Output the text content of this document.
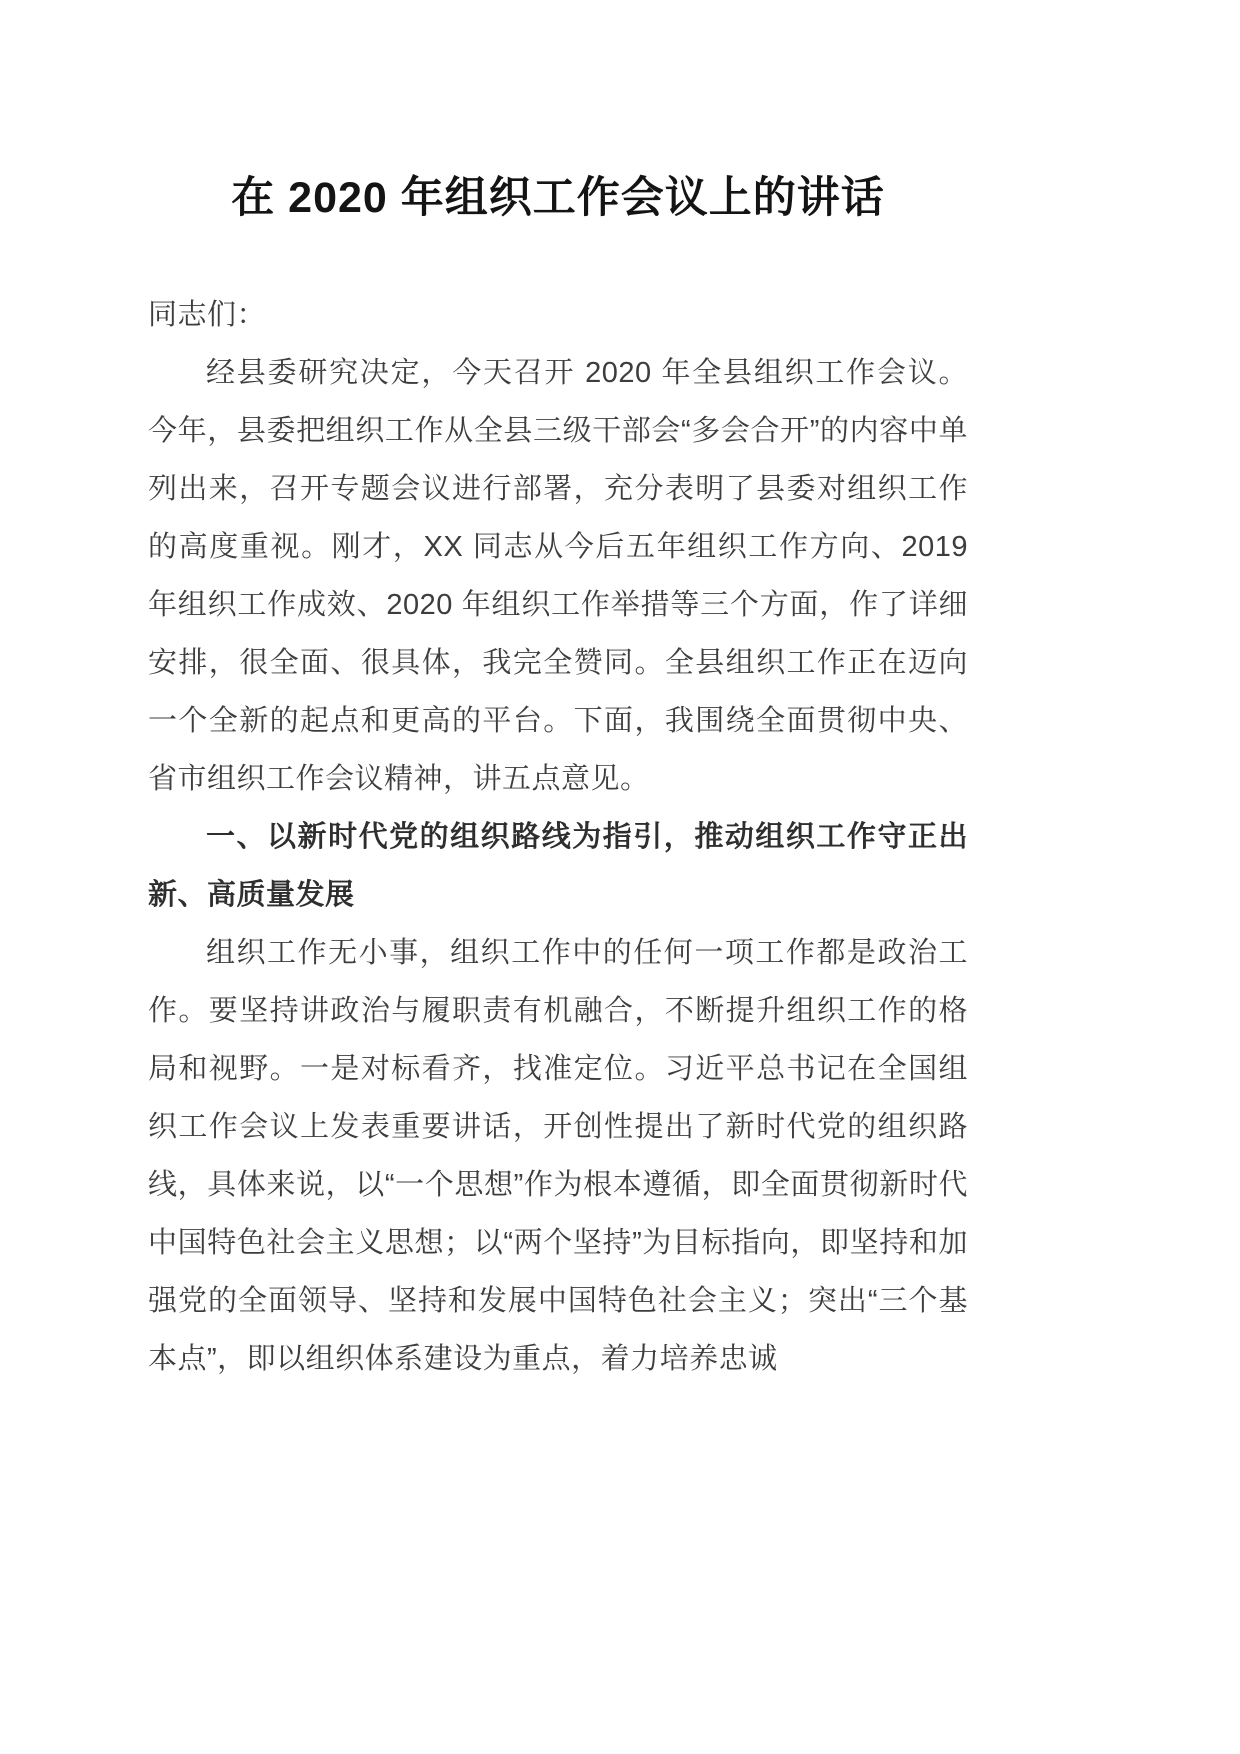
在 2020 年组织工作会议上的讲话

同志们：

经县委研究决定，今天召开 2020 年全县组织工作会议。今年，县委把组织工作从全县三级干部会“多会合开”的内容中单列出来，召开专题会议进行部署，充分表明了县委对组织工作的高度重视。刚才，XX 同志从今后五年组织工作方向、2019 年组织工作成效、2020 年组织工作举措等三个方面，作了详细安排，很全面、很具体，我完全赞同。全县组织工作正在迈向一个全新的起点和更高的平台。下面，我围绕全面贯彻中央、省市组织工作会议精神，讲五点意见。

一、以新时代党的组织路线为指引，推动组织工作守正出新、高质量发展

组织工作无小事，组织工作中的任何一项工作都是政治工作。要坚持讲政治与履职责有机融合，不断提升组织工作的格局和视野。一是对标看齐，找准定位。习近平总书记在全国组织工作会议上发表重要讲话，开创性提出了新时代党的组织路线，具体来说，以“一个思想”作为根本遵循，即全面贯彻新时代中国特色社会主义思想；以“两个坚持”为目标指向，即坚持和加强党的全面领导、坚持和发展中国特色社会主义；突出“三个基本点”，即以组织体系建设为重点，着力培养忠诚
